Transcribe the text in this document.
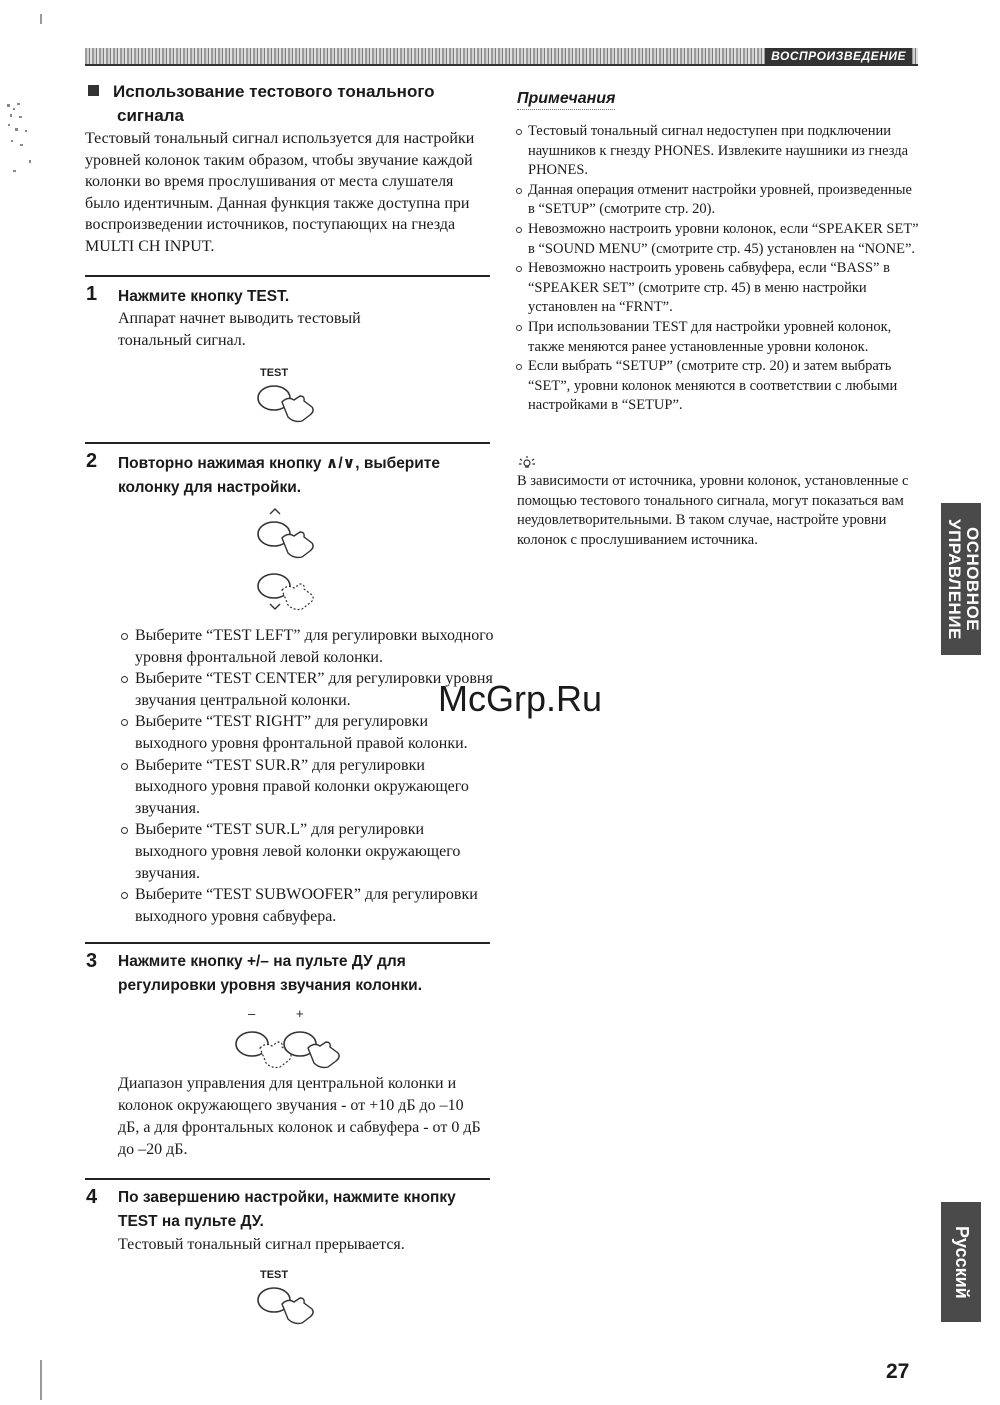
ВОСПРОИЗВЕДЕНИЕ
Использование тестового тонального
сигнала
Тестовый тональный сигнал используется для настройки уровней колонок таким образом, чтобы звучание каждой колонки во время прослушивания от места слушателя было идентичным. Данная функция также доступна при воспроизведении источников, поступающих на гнезда MULTI CH INPUT.
1 Нажмите кнопку TEST.
Аппарат начнет выводить тестовый тональный сигнал.
TEST
2 Повторно нажимая кнопку ∧/∨, выберите колонку для настройки.
Выберите “TEST LEFT” для регулировки выходного уровня фронтальной левой колонки.
Выберите “TEST CENTER” для регулировки уровня звучания центральной колонки.
Выберите “TEST RIGHT” для регулировки выходного уровня фронтальной правой колонки.
Выберите “TEST SUR.R” для регулировки выходного уровня правой колонки окружающего звучания.
Выберите “TEST SUR.L” для регулировки выходного уровня левой колонки окружающего звучания.
Выберите “TEST SUBWOOFER” для регулировки выходного уровня сабвуфера.
3 Нажмите кнопку +/– на пульте ДУ для регулировки уровня звучания колонки.
–	+
Диапазон управления для центральной колонки и колонок окружающего звучания - от +10 дБ до –10 дБ, а для фронтальных колонок и сабвуфера - от 0 дБ до –20 дБ.
4 По завершению настройки, нажмите кнопку TEST на пульте ДУ.
Тестовый тональный сигнал прерывается.
TEST
Примечания
Тестовый тональный сигнал недоступен при подключении наушников к гнезду PHONES. Извлеките наушники из гнезда PHONES.
Данная операция отменит настройки уровней, произведенные в “SETUP” (смотрите стр. 20).
Невозможно настроить уровни колонок, если “SPEAKER SET” в “SOUND MENU” (смотрите стр. 45) установлен на “NONE”.
Невозможно настроить уровень сабвуфера, если “BASS” в “SPEAKER SET” (смотрите стр. 45) в меню настройки установлен на “FRNT”.
При использовании TEST для настройки уровней колонок, также меняются ранее установленные уровни колонок.
Если выбрать “SETUP” (смотрите стр. 20) и затем выбрать “SET”, уровни колонок меняются в соответствии с любыми настройками в “SETUP”.
В зависимости от источника, уровни колонок, установленные с помощью тестового тонального сигнала, могут показаться вам неудовлетворительными. В таком случае, настройте уровни колонок с прослушиванием источника.	ОСНОВНОЕ УПРАВЛЕНИЕ
Русский
McGrp.Ru
27
